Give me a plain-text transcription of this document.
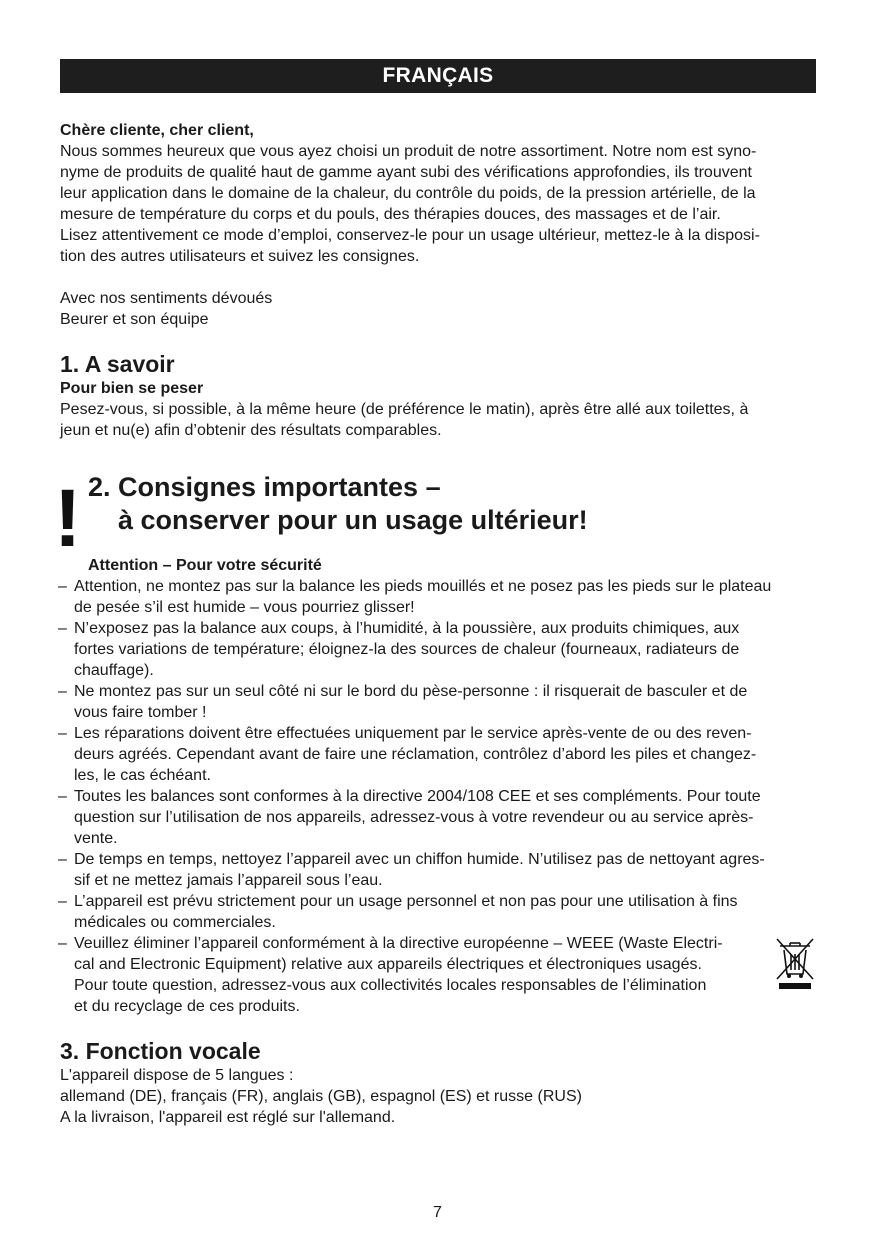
FRANÇAIS
Chère cliente, cher client,
Nous sommes heureux que vous ayez choisi un produit de notre assortiment. Notre nom est syno-
nyme de produits de qualité haut de gamme ayant subi des vérifications approfondies, ils trouvent
leur application dans le domaine de la chaleur, du contrôle du poids, de la pression artérielle, de la
mesure de température du corps et du pouls, des thérapies douces, des massages et de l’air.
Lisez attentivement ce mode d’emploi, conservez-le pour un usage ultérieur, mettez-le à la disposi-
tion des autres utilisateurs et suivez les consignes.
Avec nos sentiments dévoués
Beurer et son équipe
1. A savoir
Pour bien se peser
Pesez-vous, si possible, à la même heure (de préférence le matin), après être allé aux toilettes, à
jeun et nu(e) afin d’obtenir des résultats comparables.
! 2. Consignes importantes –
à conserver pour un usage ultérieur!
Attention – Pour votre sécurité
– Attention, ne montez pas sur la balance les pieds mouillés et ne posez pas les pieds sur le plateau
de pesée s’il est humide – vous pourriez glisser!
– N’exposez pas la balance aux coups, à l’humidité, à la poussière, aux produits chimiques, aux
fortes variations de température; éloignez-la des sources de chaleur (fourneaux, radiateurs de
chauffage).
– Ne montez pas sur un seul côté ni sur le bord du pèse-personne : il risquerait de basculer et de
vous faire tomber !
– Les réparations doivent être effectuées uniquement par le service après-vente de ou des reven-
deurs agréés. Cependant avant de faire une réclamation, contrôlez d’abord les piles et changez-
les, le cas échéant.
– Toutes les balances sont conformes à la directive 2004/108 CEE et ses compléments. Pour toute
question sur l’utilisation de nos appareils, adressez-vous à votre revendeur ou au service après-
vente.
– De temps en temps, nettoyez l’appareil avec un chiffon humide. N’utilisez pas de nettoyant agres-
sif et ne mettez jamais l’appareil sous l’eau.
– L’appareil est prévu strictement pour un usage personnel et non pas pour une utilisation à fins
médicales ou commerciales.
– Veuillez éliminer l’appareil conformément à la directive européenne – WEEE (Waste Electri-
cal and Electronic Equipment) relative aux appareils électriques et électroniques usagés.
Pour toute question, adressez-vous aux collectivités locales responsables de l’élimination
et du recyclage de ces produits.
3. Fonction vocale
L'appareil dispose de 5 langues :
allemand (DE), français (FR), anglais (GB), espagnol (ES) et russe (RUS)
A la livraison, l'appareil est réglé sur l'allemand.
7
